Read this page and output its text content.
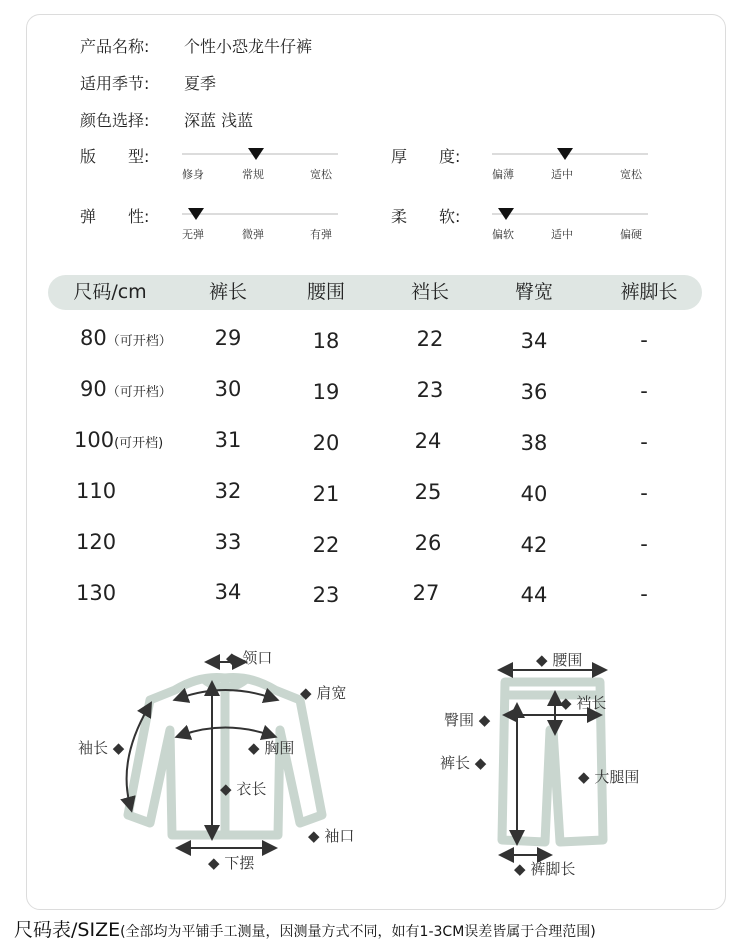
产品名称: 个性小恐龙牛仔裤
适用季节: 夏季
颜色选择: 深蓝 浅蓝
版　　型:
修身	常规	宽松
厚　　度:
偏薄	适中	宽松
弹　　性:
无弹	微弹	有弹
柔　　软:
偏软	适中	偏硬
尺码/cm	裤长	腰围	裆长	臀宽	裤脚长
80（可开档）	29	18	22	34	-
90（可开档）	30	19	23	36	-
100(可开档)	31	20	24	38	-
110	32	21	25	40	-
120	33	22	26	42	-
130	34	23	27	44	-
◆ 领口
◆ 肩宽
袖长 ◆	◆ 胸围
◆ 衣长
◆ 袖口
◆ 下摆
◆ 腰围
◆ 裆长
臀围 ◆
裤长 ◆
◆ 大腿围
◆ 裤脚长
尺码表/SIZE(全部均为平铺手工测量，因测量方式不同，如有1-3CM误差皆属于合理范围)
